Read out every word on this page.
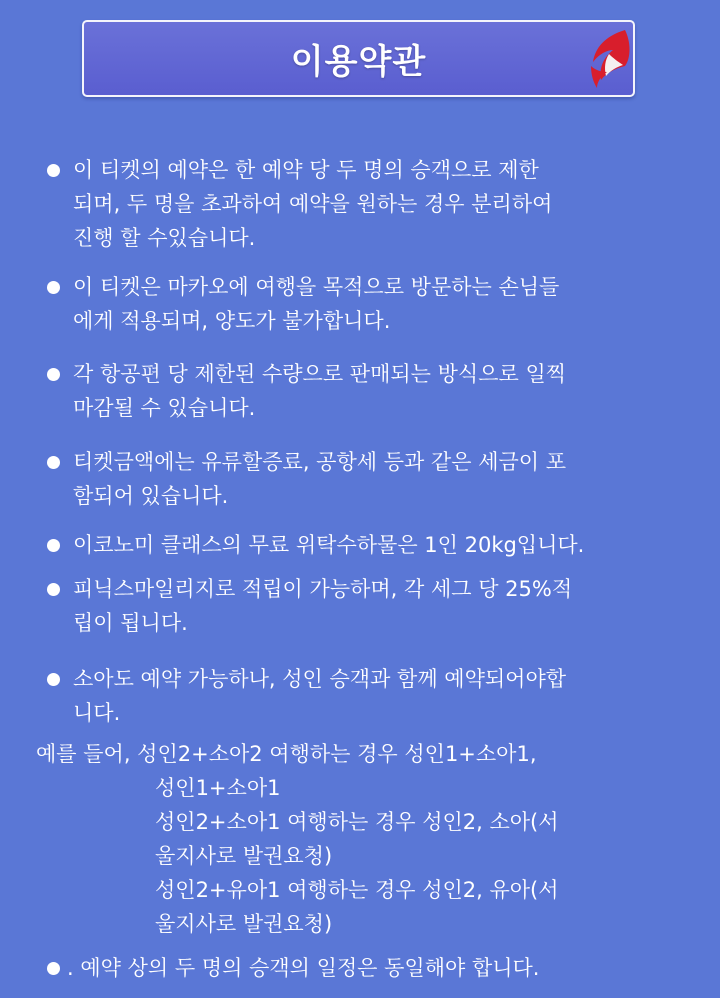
이용약관
이 티켓의 예약은 한 예약 당 두 명의 승객으로 제한
되며, 두 명을 초과하여 예약을 원하는 경우 분리하여
진행 할 수있습니다.
이 티켓은 마카오에 여행을 목적으로 방문하는 손님들
에게 적용되며, 양도가 불가합니다.
각 항공편 당 제한된 수량으로 판매되는 방식으로 일찍
마감될 수 있습니다.
티켓금액에는 유류할증료, 공항세 등과 같은 세금이 포
함되어 있습니다.
이코노미 클래스의 무료 위탁수하물은 1인 20kg입니다.
피닉스마일리지로 적립이 가능하며, 각 세그 당 25%적
립이 됩니다.
소아도 예약 가능하나, 성인 승객과 함께 예약되어야합
니다.
. 예약 상의 두 명의 승객의 일정은 동일해야 합니다.
예를 들어, 성인2+소아2 여행하는 경우 성인1+소아1,
성인1+소아1
성인2+소아1 여행하는 경우 성인2, 소아(서
울지사로 발권요청)
성인2+유아1 여행하는 경우 성인2, 유아(서
울지사로 발권요청)
